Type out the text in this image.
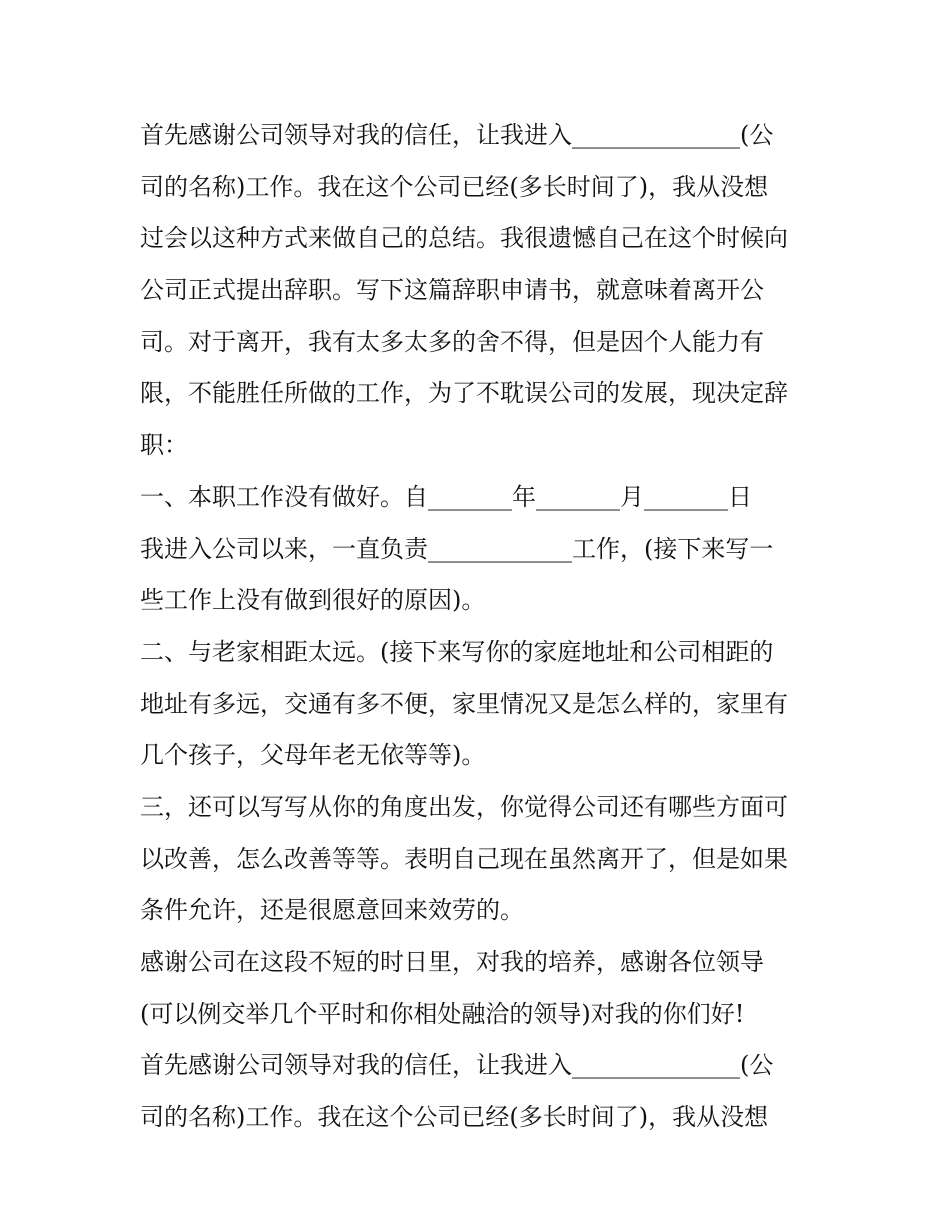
首先感谢公司领导对我的信任，让我进入______________(公
司的名称)工作。我在这个公司已经(多长时间了)，我从没想
过会以这种方式来做自己的总结。我很遗憾自己在这个时候向
公司正式提出辞职。写下这篇辞职申请书，就意味着离开公
司。对于离开，我有太多太多的舍不得，但是因个人能力有
限，不能胜任所做的工作，为了不耽误公司的发展，现决定辞
职：
一、本职工作没有做好。自_______年_______月_______日
我进入公司以来，一直负责____________工作，(接下来写一
些工作上没有做到很好的原因)。
二、与老家相距太远。(接下来写你的家庭地址和公司相距的
地址有多远，交通有多不便，家里情况又是怎么样的，家里有
几个孩子，父母年老无依等等)。
三，还可以写写从你的角度出发，你觉得公司还有哪些方面可
以改善，怎么改善等等。表明自己现在虽然离开了，但是如果
条件允许，还是很愿意回来效劳的。
感谢公司在这段不短的时日里，对我的培养，感谢各位领导
(可以例交举几个平时和你相处融洽的领导)对我的你们好!
首先感谢公司领导对我的信任，让我进入______________(公
司的名称)工作。我在这个公司已经(多长时间了)，我从没想
